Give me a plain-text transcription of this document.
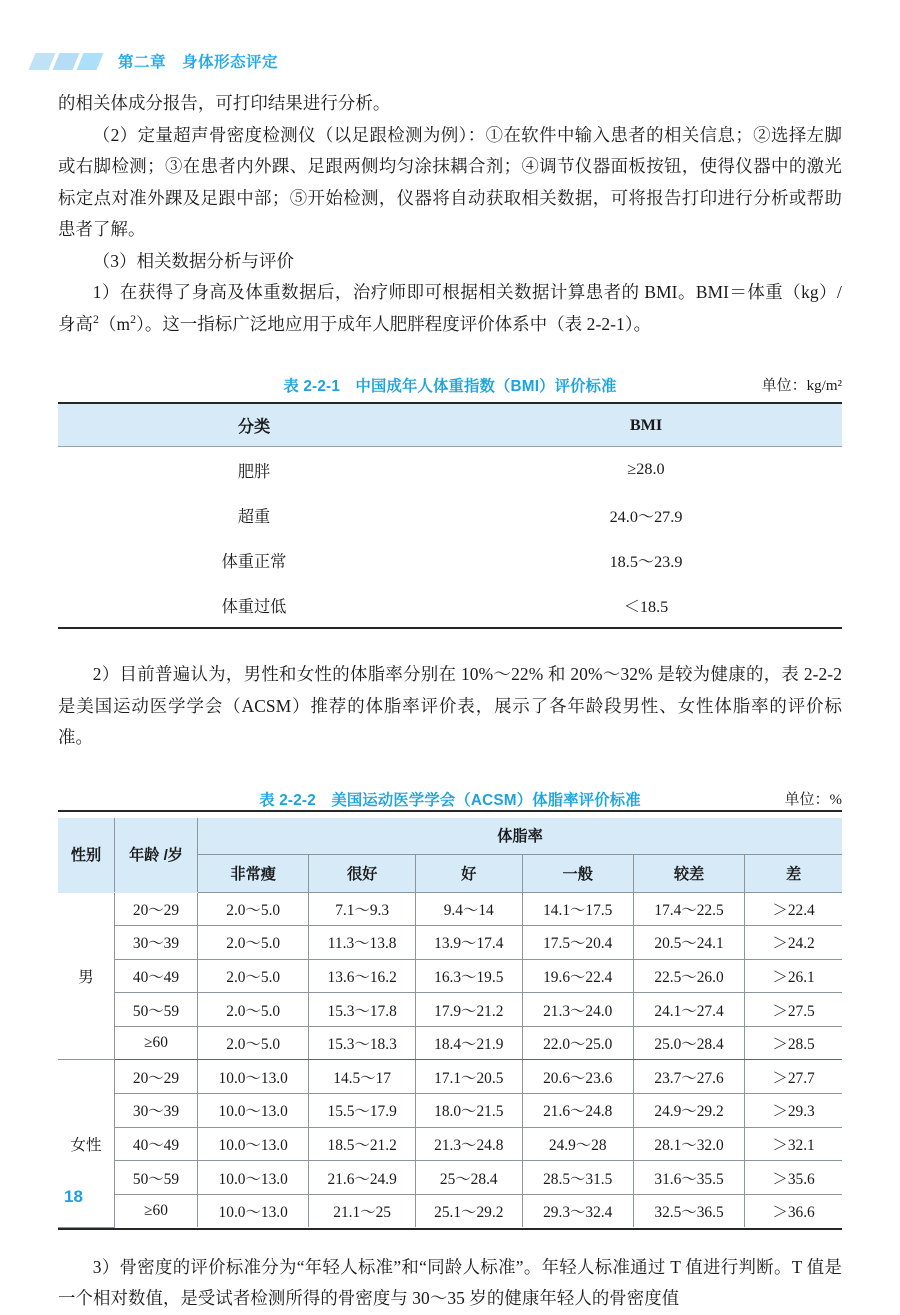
第二章　身体形态评定

的相关体成分报告，可打印结果进行分析。

（2）定量超声骨密度检测仪（以足跟检测为例）：①在软件中输入患者的相关信息；②选择左脚或右脚检测；③在患者内外踝、足跟两侧均匀涂抹耦合剂；④调节仪器面板按钮，使得仪器中的激光标定点对准外踝及足跟中部；⑤开始检测，仪器将自动获取相关数据，可将报告打印进行分析或帮助患者了解。

（3）相关数据分析与评价

1）在获得了身高及体重数据后，治疗师即可根据相关数据计算患者的 BMI。BMI＝体重（kg）/ 身高$^2(m^2)$。这一指标广泛地应用于成年人肥胖程度评价体系中（表 2-2-1）。

表 2-2-1　中国成年人体重指数（BMI）评价标准	单位：kg/m²
分类	BMI
肥胖	≥28.0
超重	24.0～27.9
体重正常	18.5～23.9
体重过低	＜18.5

2）目前普遍认为，男性和女性的体脂率分别在 10%～22% 和 20%～32% 是较为健康的，表 2-2-2 是美国运动医学学会（ACSM）推荐的体脂率评价表，展示了各年龄段男性、女性体脂率的评价标准。

表 2-2-2　美国运动医学学会（ACSM）体脂率评价标准	单位：%
性别	年龄 /岁	体脂率					
		非常瘦	很好	好	一般	较差	差
男	20～29	2.0～5.0	7.1～9.3	9.4～14	14.1～17.5	17.4～22.5	＞22.4
	30～39	2.0～5.0	11.3～13.8	13.9～17.4	17.5～20.4	20.5～24.1	＞24.2
	40～49	2.0～5.0	13.6～16.2	16.3～19.5	19.6～22.4	22.5～26.0	＞26.1
	50～59	2.0～5.0	15.3～17.8	17.9～21.2	21.3～24.0	24.1～27.4	＞27.5
	≥60	2.0～5.0	15.3～18.3	18.4～21.9	22.0～25.0	25.0～28.4	＞28.5
女性	20～29	10.0～13.0	14.5～17	17.1～20.5	20.6～23.6	23.7～27.6	＞27.7
	30～39	10.0～13.0	15.5～17.9	18.0～21.5	21.6～24.8	24.9～29.2	＞29.3
	40～49	10.0～13.0	18.5～21.2	21.3～24.8	24.9～28	28.1～32.0	＞32.1
	50～59	10.0～13.0	21.6～24.9	25～28.4	28.5～31.5	31.6～35.5	＞35.6
	≥60	10.0～13.0	21.1～25	25.1～29.2	29.3～32.4	32.5～36.5	＞36.6

3）骨密度的评价标准分为“年轻人标准”和“同龄人标准”。年轻人标准通过 T 值进行判断。T 值是一个相对数值，是受试者检测所得的骨密度与 30～35 岁的健康年轻人的骨密度值

18
